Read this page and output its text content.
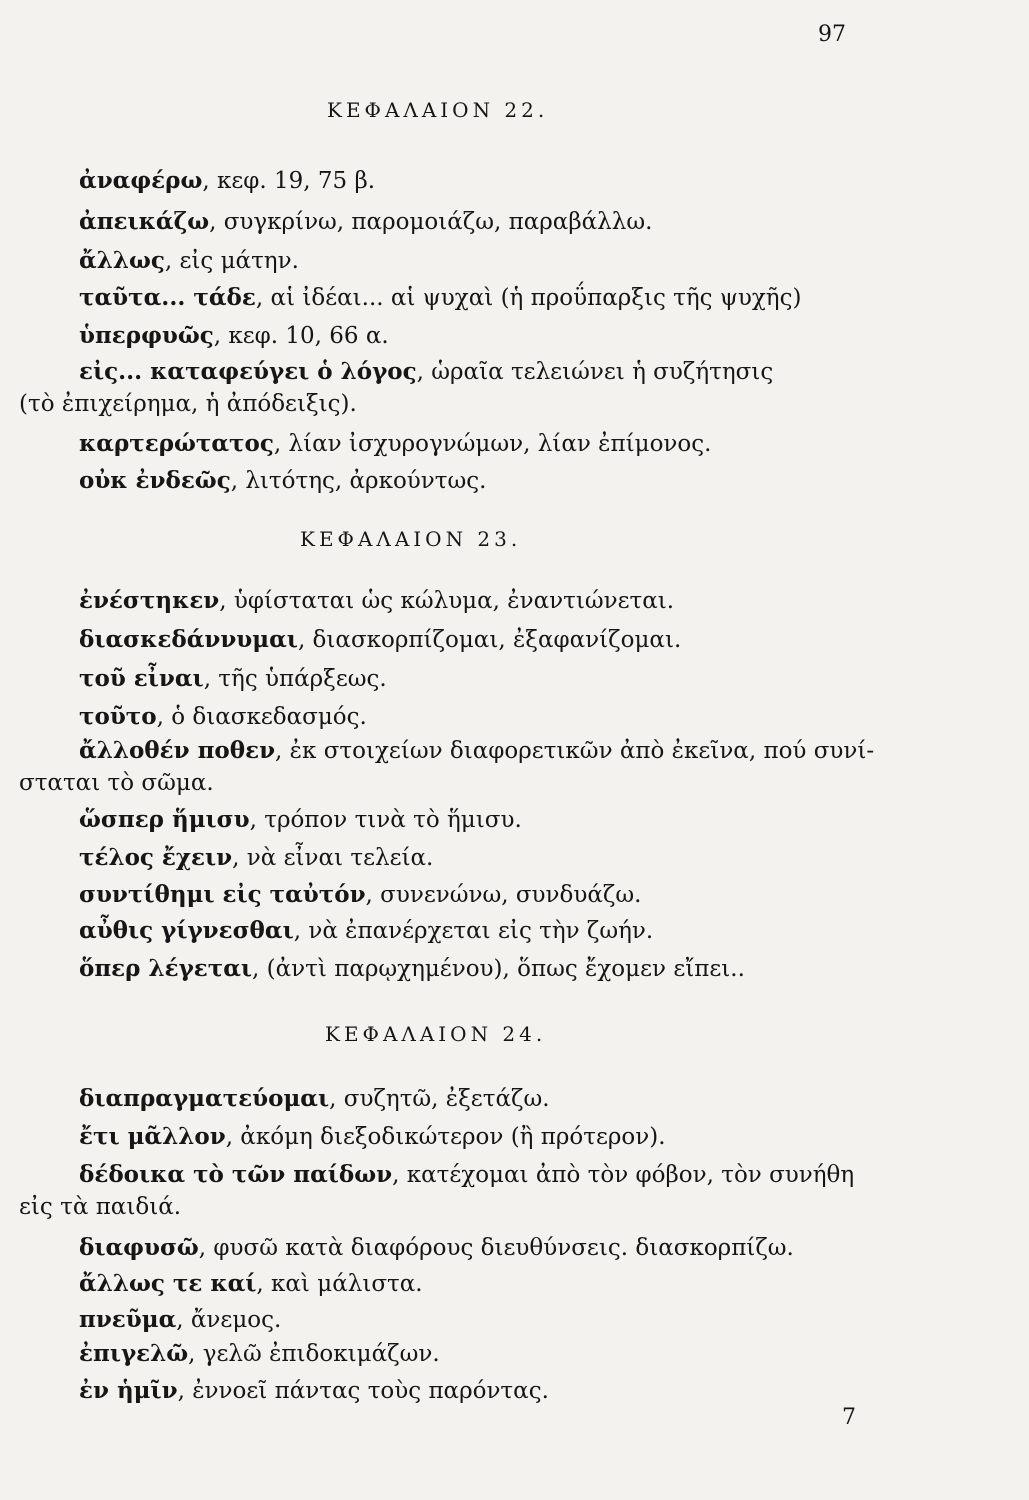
97
ΚΕΦΑΛΑΙΟΝ 22.
ἀναφέρω, κεφ. 19, 75 β.
ἀπεικάζω, συγκρίνω, παρομοιάζω, παραβάλλω.
ἄλλως, εἰς μάτην.
ταῦτα... τάδε, αἱ ἰδέαι... αἱ ψυχαὶ (ἡ προΰπαρξις τῆς ψυχῆς)
ὑπερφυῶς, κεφ. 10, 66 α.
εἰς... καταφεύγει ὁ λόγος, ὡραῖα τελειώνει ἡ συζήτησις
(τὸ ἐπιχείρημα, ἡ ἀπόδειξις).
καρτερώτατος, λίαν ἰσχυρογνώμων, λίαν ἐπίμονος.
οὐκ ἐνδεῶς, λιτότης, ἀρκούντως.
ΚΕΦΑΛΑΙΟΝ 23.
ἐνέστηκεν, ὑφίσταται ὡς κώλυμα, ἐναντιώνεται.
διασκεδάννυμαι, διασκορπίζομαι, ἐξαφανίζομαι.
τοῦ εἶναι, τῆς ὑπάρξεως.
τοῦτο, ὁ διασκεδασμός.
ἄλλοθέν ποθεν, ἐκ στοιχείων διαφορετικῶν ἀπὸ ἐκεῖνα, πού συνί-
σταται τὸ σῶμα.
ὥσπερ ἥμισυ, τρόπον τινὰ τὸ ἥμισυ.
τέλος ἔχειν, νὰ εἶναι τελεία.
συντίθημι εἰς ταὐτόν, συνενώνω, συνδυάζω.
αὖθις γίγνεσθαι, νὰ ἐπανέρχεται εἰς τὴν ζωήν.
ὅπερ λέγεται, (ἀντὶ παρῳχημένου), ὅπως ἔχομεν εἴπει..
ΚΕΦΑΛΑΙΟΝ 24.
διαπραγματεύομαι, συζητῶ, ἐξετάζω.
ἔτι μᾶλλον, ἀκόμη διεξοδικώτερον (ἢ πρότερον).
δέδοικα τὸ τῶν παίδων, κατέχομαι ἀπὸ τὸν φόβον, τὸν συνήθη
εἰς τὰ παιδιά.
διαφυσῶ, φυσῶ κατὰ διαφόρους διευθύνσεις. διασκορπίζω.
ἄλλως τε καί, καὶ μάλιστα.
πνεῦμα, ἄνεμος.
ἐπιγελῶ, γελῶ ἐπιδοκιμάζων.
ἐν ἡμῖν, ἐννοεῖ πάντας τοὺς παρόντας.
7
